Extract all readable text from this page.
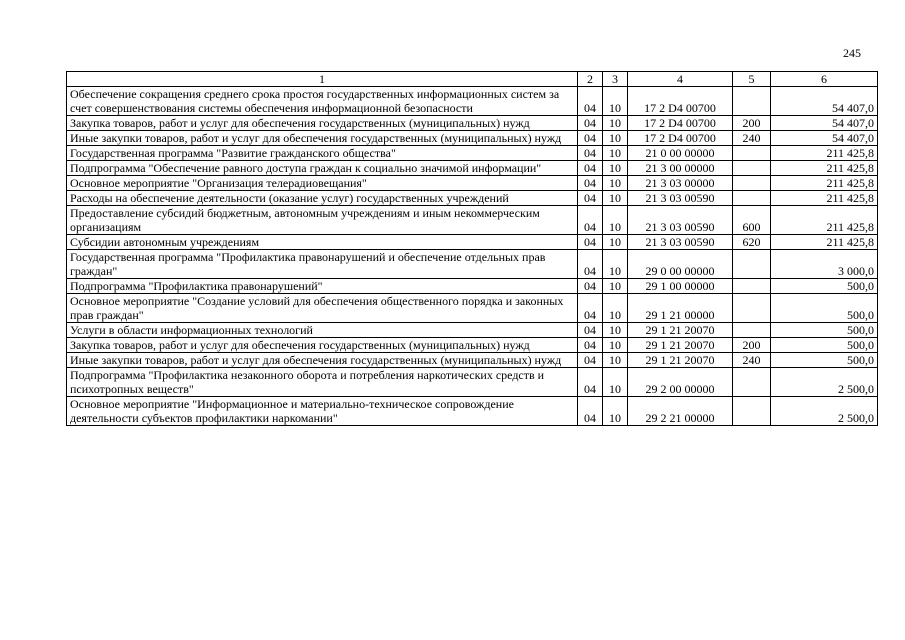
245
1	2	3	4	5	6
Обеспечение сокращения среднего срока простоя государственных информационных систем за счет совершенствования системы обеспечения информационной безопасности	04	10	17 2 D4 00700		54 407,0
Закупка товаров, работ и услуг для обеспечения государственных (муниципальных) нужд	04	10	17 2 D4 00700	200	54 407,0
Иные закупки товаров, работ и услуг для обеспечения государственных (муниципальных) нужд	04	10	17 2 D4 00700	240	54 407,0
Государственная программа "Развитие гражданского общества"	04	10	21 0 00 00000		211 425,8
Подпрограмма "Обеспечение равного доступа граждан к социально значимой информации"	04	10	21 3 00 00000		211 425,8
Основное мероприятие "Организация телерадиовещания"	04	10	21 3 03 00000		211 425,8
Расходы на обеспечение деятельности (оказание услуг) государственных учреждений	04	10	21 3 03 00590		211 425,8
Предоставление субсидий бюджетным, автономным учреждениям и иным некоммерческим организациям	04	10	21 3 03 00590	600	211 425,8
Субсидии автономным учреждениям	04	10	21 3 03 00590	620	211 425,8
Государственная программа "Профилактика правонарушений и обеспечение отдельных прав граждан"	04	10	29 0 00 00000		3 000,0
Подпрограмма "Профилактика правонарушений"	04	10	29 1 00 00000		500,0
Основное мероприятие "Создание условий для обеспечения общественного порядка и законных прав граждан"	04	10	29 1 21 00000		500,0
Услуги в области информационных технологий	04	10	29 1 21 20070		500,0
Закупка товаров, работ и услуг для обеспечения государственных (муниципальных) нужд	04	10	29 1 21 20070	200	500,0
Иные закупки товаров, работ и услуг для обеспечения государственных (муниципальных) нужд	04	10	29 1 21 20070	240	500,0
Подпрограмма "Профилактика незаконного оборота и потребления наркотических средств и психотропных веществ"	04	10	29 2 00 00000		2 500,0
Основное мероприятие "Информационное и материально-техническое сопровождение деятельности субъектов профилактики наркомании"	04	10	29 2 21 00000		2 500,0
